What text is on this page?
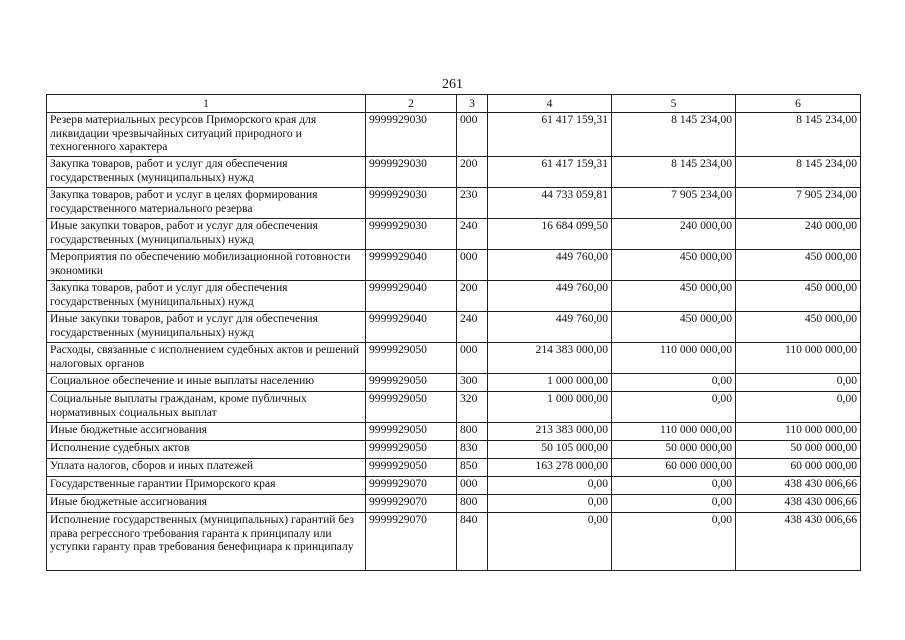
261
1	2	3	4	5	6
Резерв материальных ресурсов Приморского края для ликвидации чрезвычайных ситуаций природного и техногенного характера	9999929030	000	61 417 159,31	8 145 234,00	8 145 234,00
Закупка товаров, работ и услуг для обеспечения государственных (муниципальных) нужд	9999929030	200	61 417 159,31	8 145 234,00	8 145 234,00
Закупка товаров, работ и услуг в целях формирования государственного материального резерва	9999929030	230	44 733 059,81	7 905 234,00	7 905 234,00
Иные закупки товаров, работ и услуг для обеспечения государственных (муниципальных) нужд	9999929030	240	16 684 099,50	240 000,00	240 000,00
Мероприятия по обеспечению мобилизационной готовности экономики	9999929040	000	449 760,00	450 000,00	450 000,00
Закупка товаров, работ и услуг для обеспечения государственных (муниципальных) нужд	9999929040	200	449 760,00	450 000,00	450 000,00
Иные закупки товаров, работ и услуг для обеспечения государственных (муниципальных) нужд	9999929040	240	449 760,00	450 000,00	450 000,00
Расходы, связанные с исполнением судебных актов и решений налоговых органов	9999929050	000	214 383 000,00	110 000 000,00	110 000 000,00
Социальное обеспечение и иные выплаты населению	9999929050	300	1 000 000,00	0,00	0,00
Социальные выплаты гражданам, кроме публичных нормативных социальных выплат	9999929050	320	1 000 000,00	0,00	0,00
Иные бюджетные ассигнования	9999929050	800	213 383 000,00	110 000 000,00	110 000 000,00
Исполнение судебных актов	9999929050	830	50 105 000,00	50 000 000,00	50 000 000,00
Уплата налогов, сборов и иных платежей	9999929050	850	163 278 000,00	60 000 000,00	60 000 000,00
Государственные гарантии Приморского края	9999929070	000	0,00	0,00	438 430 006,66
Иные бюджетные ассигнования	9999929070	800	0,00	0,00	438 430 006,66
Исполнение государственных (муниципальных) гарантий без права регрессного требования гаранта к принципалу или уступки гаранту прав требования бенефициара к принципалу	9999929070	840	0,00	0,00	438 430 006,66
